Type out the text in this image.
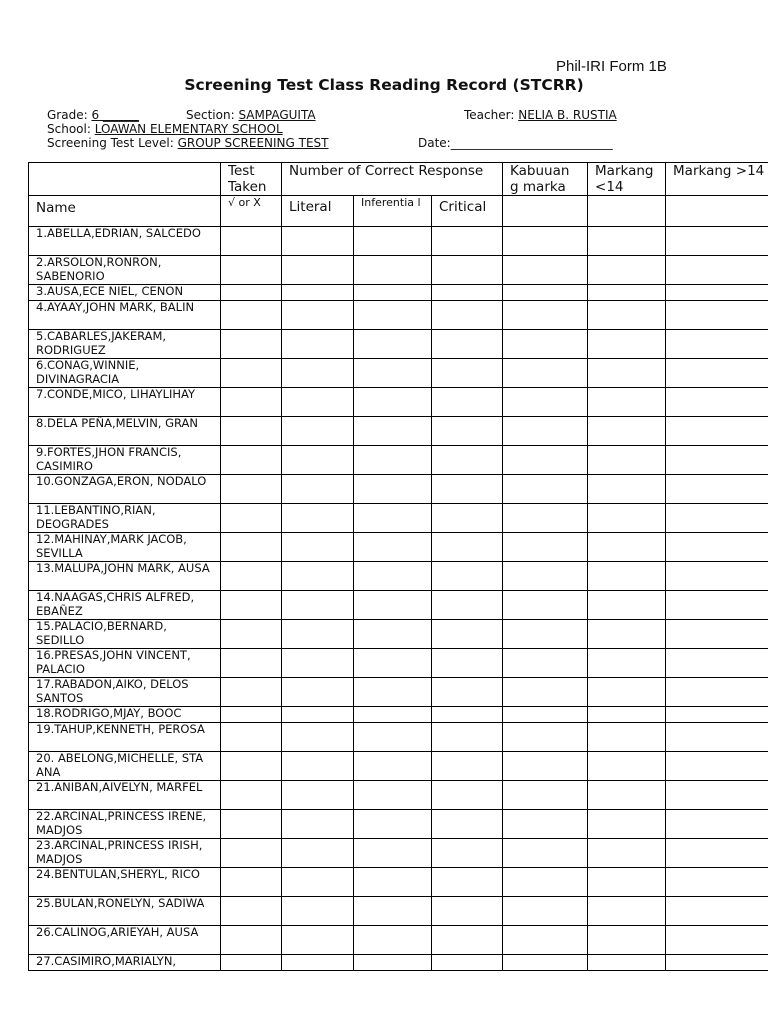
Phil-IRI Form 1B
Screening Test Class Reading Record (STCRR)
Grade: 6 ______	Section: SAMPAGUITA	Teacher: NELIA B. RUSTIA
School: LOAWAN ELEMENTARY SCHOOL
Screening Test Level: GROUP SCREENING TEST	Date:___________________________
	Test Taken	Number of Correct Response			Kabuuan g marka	Markang <14	Markang >14
Name	√ or X	Literal	Inferentia l	Critical			
1.ABELLA,EDRIAN, SALCEDO							
2.ARSOLON,RONRON, SABENORIO							
3.AUSA,ECE NIEL, CENON							
4.AYAAY,JOHN MARK, BALIN							
5.CABARLES,JAKERAM, RODRIGUEZ							
6.CONAG,WINNIE, DIVINAGRACIA							
7.CONDE,MICO, LIHAYLIHAY							
8.DELA PEÑA,MELVIN, GRAN							
9.FORTES,JHON FRANCIS, CASIMIRO							
10.GONZAGA,ERON, NODALO							
11.LEBANTINO,RIAN, DEOGRADES							
12.MAHINAY,MARK JACOB, SEVILLA							
13.MALUPA,JOHN MARK, AUSA							
14.NAAGAS,CHRIS ALFRED, EBAÑEZ							
15.PALACIO,BERNARD, SEDILLO							
16.PRESAS,JOHN VINCENT, PALACIO							
17.RABADON,AIKO, DELOS SANTOS							
18.RODRIGO,MJAY, BOOC							
19.TAHUP,KENNETH, PEROSA							
20. ABELONG,MICHELLE, STA ANA							
21.ANIBAN,AIVELYN, MARFEL							
22.ARCINAL,PRINCESS IRENE, MADJOS							
23.ARCINAL,PRINCESS IRISH, MADJOS							
24.BENTULAN,SHERYL, RICO							
25.BULAN,RONELYN, SADIWA							
26.CALINOG,ARIEYAH, AUSA							
27.CASIMIRO,MARIALYN,							
